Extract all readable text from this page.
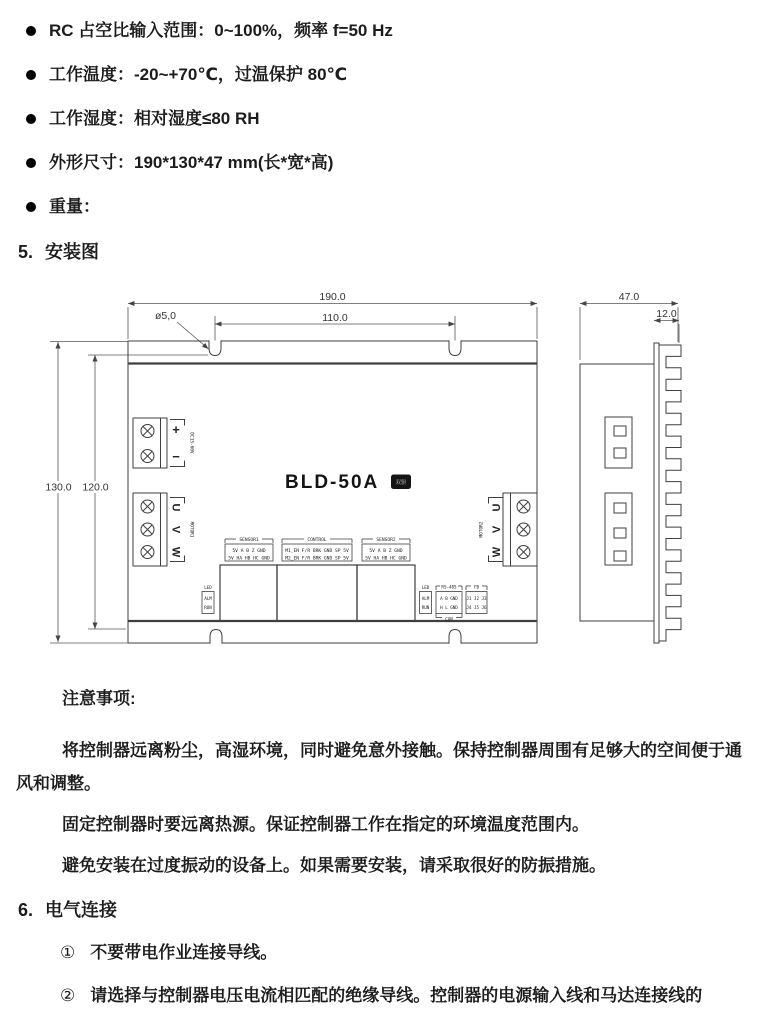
RC 占空比输入范围：0~100%，频率 f=50 Hz
工作温度：-20~+70℃，过温保护 80℃
工作湿度：相对湿度≤80 RH
外形尺寸：190*130*47 mm(长*宽*高)
重量：
5. 安装图
190.0
110.0
ø5,0
130.0 120.0
47.0
12.0
+
−
DC15-60V
U
V
W
MOTOR1
U
V
W
MOTOR2
BLD-50A	双驱
SENSOR1
5V A B Z GND
5V HA HB HC GND
CONTROL
M1_EN F/R BRK GND SP 5V
M2_EN F/R BRK GND SP 5V
SENSOR2
5V A B Z GND
5V HA HB HC GND
LED
ALM
RUN
LED
ALM
RUN
RS-485
A B GND
H L GND
CAN
FB
J1 J2 J3
J4 J5 J6
注意事项:

将控制器远离粉尘，高湿环境，同时避免意外接触。保持控制器周围有足够大的空间便于通风和调整。

固定控制器时要远离热源。保证控制器工作在指定的环境温度范围内。

避免安装在过度振动的设备上。如果需要安装，请采取很好的防振措施。

6. 电气连接
① 不要带电作业连接导线。
② 请选择与控制器电压电流相匹配的绝缘导线。控制器的电源输入线和马达连接线的
